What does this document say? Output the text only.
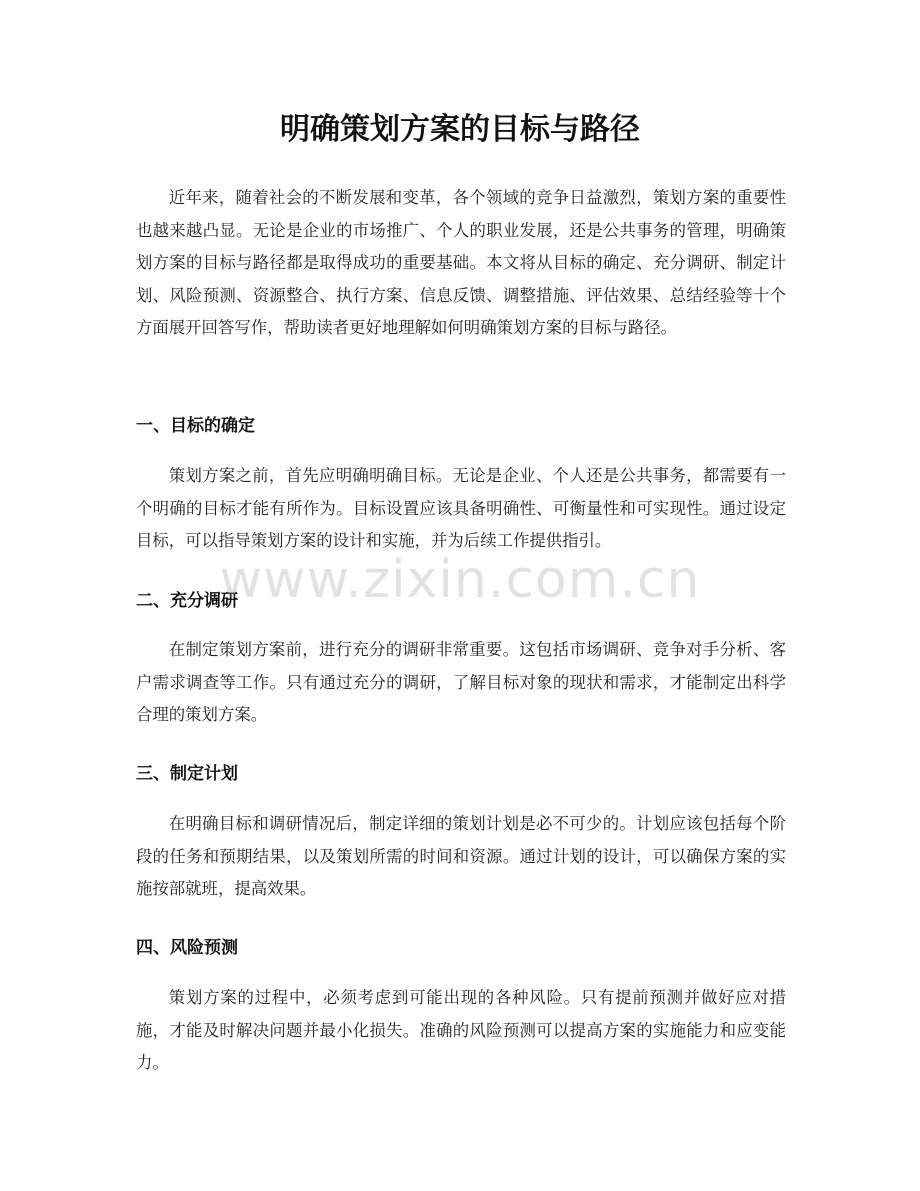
明确策划方案的目标与路径

近年来，随着社会的不断发展和变革，各个领域的竞争日益激烈，策划方案的重要性也越来越凸显。无论是企业的市场推广、个人的职业发展，还是公共事务的管理，明确策划方案的目标与路径都是取得成功的重要基础。本文将从目标的确定、充分调研、制定计划、风险预测、资源整合、执行方案、信息反馈、调整措施、评估效果、总结经验等十个方面展开回答写作，帮助读者更好地理解如何明确策划方案的目标与路径。

一、目标的确定

策划方案之前，首先应明确明确目标。无论是企业、个人还是公共事务，都需要有一个明确的目标才能有所作为。目标设置应该具备明确性、可衡量性和可实现性。通过设定目标，可以指导策划方案的设计和实施，并为后续工作提供指引。

二、充分调研

在制定策划方案前，进行充分的调研非常重要。这包括市场调研、竞争对手分析、客户需求调查等工作。只有通过充分的调研，了解目标对象的现状和需求，才能制定出科学合理的策划方案。

三、制定计划

在明确目标和调研情况后，制定详细的策划计划是必不可少的。计划应该包括每个阶段的任务和预期结果，以及策划所需的时间和资源。通过计划的设计，可以确保方案的实施按部就班，提高效果。

四、风险预测

策划方案的过程中，必须考虑到可能出现的各种风险。只有提前预测并做好应对措施，才能及时解决问题并最小化损失。准确的风险预测可以提高方案的实施能力和应变能力。

www.zixin.com.cn
